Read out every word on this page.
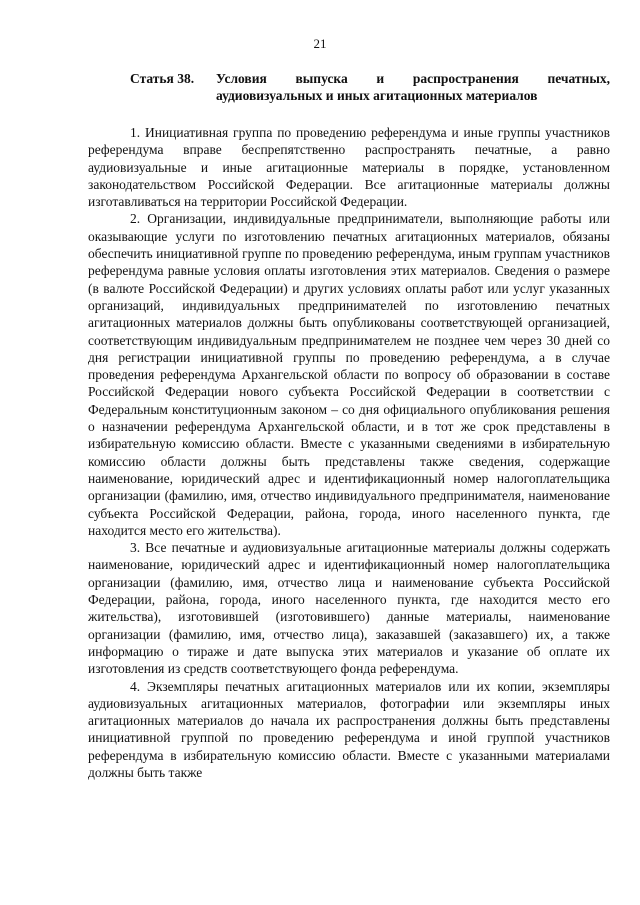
21
Статья 38.	Условия выпуска и распространения печатных, аудиовизуальных и иных агитационных материалов

1. Инициативная группа по проведению референдума и иные группы участников референдума вправе беспрепятственно распространять печатные, а равно аудиовизуальные и иные агитационные материалы в порядке, установленном законодательством Российской Федерации. Все агитационные материалы должны изготавливаться на территории Российской Федерации.

2. Организации, индивидуальные предприниматели, выполняющие работы или оказывающие услуги по изготовлению печатных агитационных материалов, обязаны обеспечить инициативной группе по проведению референдума, иным группам участников референдума равные условия оплаты изготовления этих материалов. Сведения о размере (в валюте Российской Федерации) и других условиях оплаты работ или услуг указанных организаций, индивидуальных предпринимателей по изготовлению печатных агитационных материалов должны быть опубликованы соответствующей организацией, соответствующим индивидуальным предпринимателем не позднее чем через 30 дней со дня регистрации инициативной группы по проведению референдума, а в случае проведения референдума Архангельской области по вопросу об образовании в составе Российской Федерации нового субъекта Российской Федерации в соответствии с Федеральным конституционным законом – со дня официального опубликования решения о назначении референдума Архангельской области, и в тот же срок представлены в избирательную комиссию области. Вместе с указанными сведениями в избирательную комиссию области должны быть представлены также сведения, содержащие наименование, юридический адрес и идентификационный номер налогоплательщика организации (фамилию, имя, отчество индивидуального предпринимателя, наименование субъекта Российской Федерации, района, города, иного населенного пункта, где находится место его жительства).

3. Все печатные и аудиовизуальные агитационные материалы должны содержать наименование, юридический адрес и идентификационный номер налогоплательщика организации (фамилию, имя, отчество лица и наименование субъекта Российской Федерации, района, города, иного населенного пункта, где находится место его жительства), изготовившей (изготовившего) данные материалы, наименование организации (фамилию, имя, отчество лица), заказавшей (заказавшего) их, а также информацию о тираже и дате выпуска этих материалов и указание об оплате их изготовления из средств соответствующего фонда референдума.

4. Экземпляры печатных агитационных материалов или их копии, экземпляры аудиовизуальных агитационных материалов, фотографии или экземпляры иных агитационных материалов до начала их распространения должны быть представлены инициативной группой по проведению референдума и иной группой участников референдума в избирательную комиссию области. Вместе с указанными материалами должны быть также
